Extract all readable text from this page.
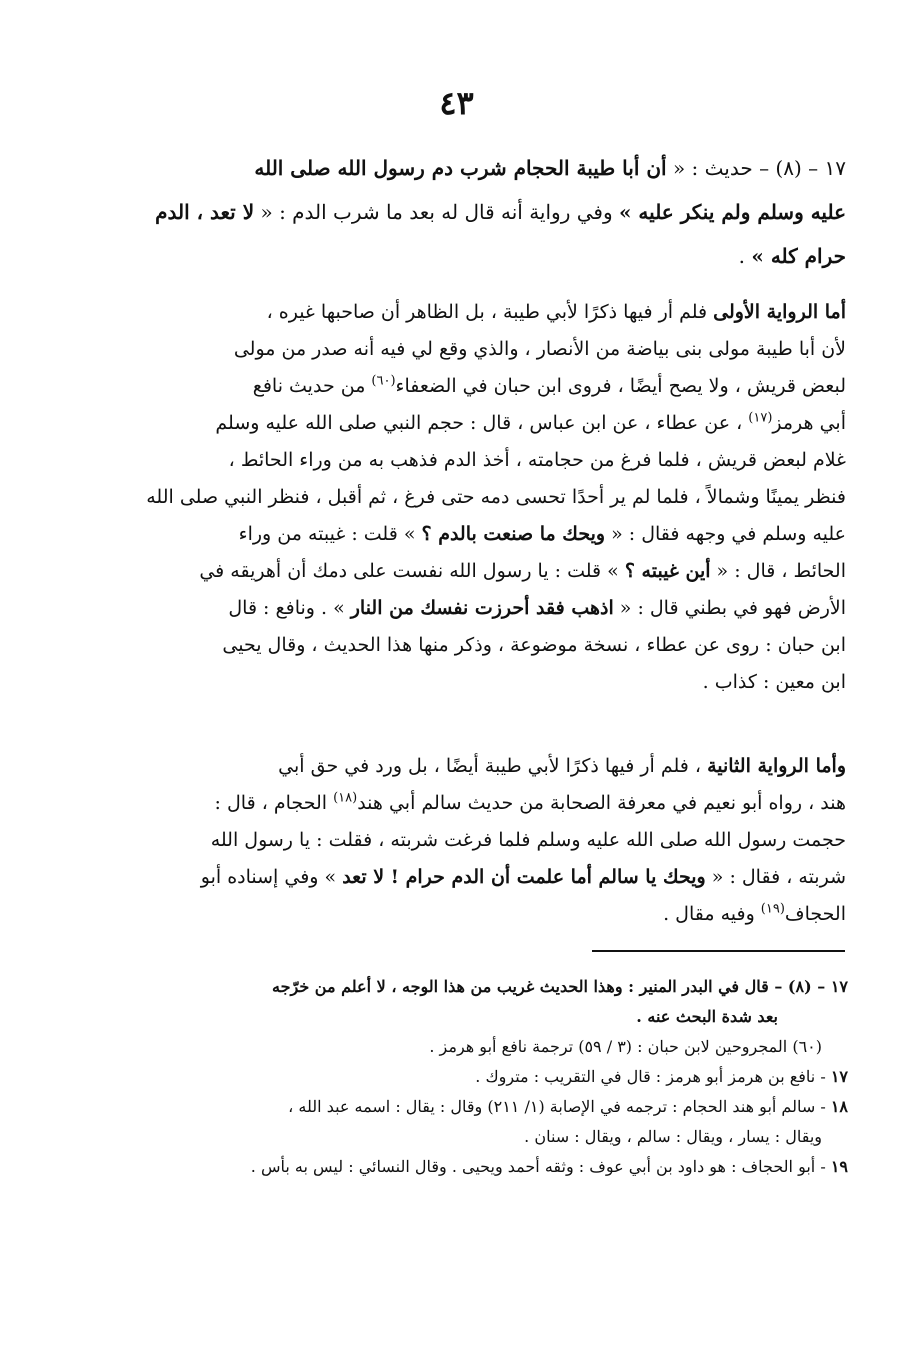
٤٣
١٧ – (٨) – حديث : « أن أبا طيبة الحجام شرب دم رسول الله صلى الله
عليه وسلم ولم ينكر عليه » وفي رواية أنه قال له بعد ما شرب الدم : « لا تعد ، الدم
حرام كله » .
أما الرواية الأولى فلم أر فيها ذكرًا لأبي طيبة ، بل الظاهر أن صاحبها غيره ،
لأن أبا طيبة مولى بنى بياضة من الأنصار ، والذي وقع لي فيه أنه صدر من مولى
لبعض قريش ، ولا يصح أيضًا ، فروى ابن حبان في الضعفاء$^{(٦٠)}$ من حديث نافع
أبي هرمز$^{(١٧)}$ ، عن عطاء ، عن ابن عباس ، قال : حجم النبي صلى الله عليه وسلم
غلام لبعض قريش ، فلما فرغ من حجامته ، أخذ الدم فذهب به من وراء الحائط ،
فنظر يمينًا وشمالاً ، فلما لم ير أحدًا تحسى دمه حتى فرغ ، ثم أقبل ، فنظر النبي صلى الله
عليه وسلم في وجهه فقال : « ويحك ما صنعت بالدم ؟ » قلت : غيبته من وراء
الحائط ، قال : « أين غيبته ؟ » قلت : يا رسول الله نفست على دمك أن أهريقه في
الأرض فهو في بطني قال : « اذهب فقد أحرزت نفسك من النار » . ونافع : قال
ابن حبان : روى عن عطاء ، نسخة موضوعة ، وذكر منها هذا الحديث ، وقال يحيى
ابن معين : كذاب .
وأما الرواية الثانية ، فلم أر فيها ذكرًا لأبي طيبة أيضًا ، بل ورد في حق أبي
هند ، رواه أبو نعيم في معرفة الصحابة من حديث سالم أبي هند$^{(١٨)}$ الحجام ، قال :
حجمت رسول الله صلى الله عليه وسلم فلما فرغت شربته ، فقلت : يا رسول الله
شربته ، فقال : « ويحك يا سالم أما علمت أن الدم حرام ! لا تعد » وفي إسناده أبو
الحجاف$^{(١٩)}$ وفيه مقال .
١٧ – (٨) – قال في البدر المنير : وهذا الحديث غريب من هذا الوجه ، لا أعلم من خرّجه
بعد شدة البحث عنه .
(٦٠) المجروحين لابن حبان : (٣ / ٥٩) ترجمة نافع أبو هرمز .
١٧ - نافع بن هرمز أبو هرمز : قال في التقريب : متروك .
١٨ - سالم أبو هند الحجام : ترجمه في الإصابة (١/ ٢١١) وقال : يقال : اسمه عبد الله ،
ويقال : يسار ، ويقال : سالم ، ويقال : سنان .
١٩ - أبو الحجاف : هو داود بن أبي عوف : وثقه أحمد ويحيى . وقال النسائي : ليس به بأس .
